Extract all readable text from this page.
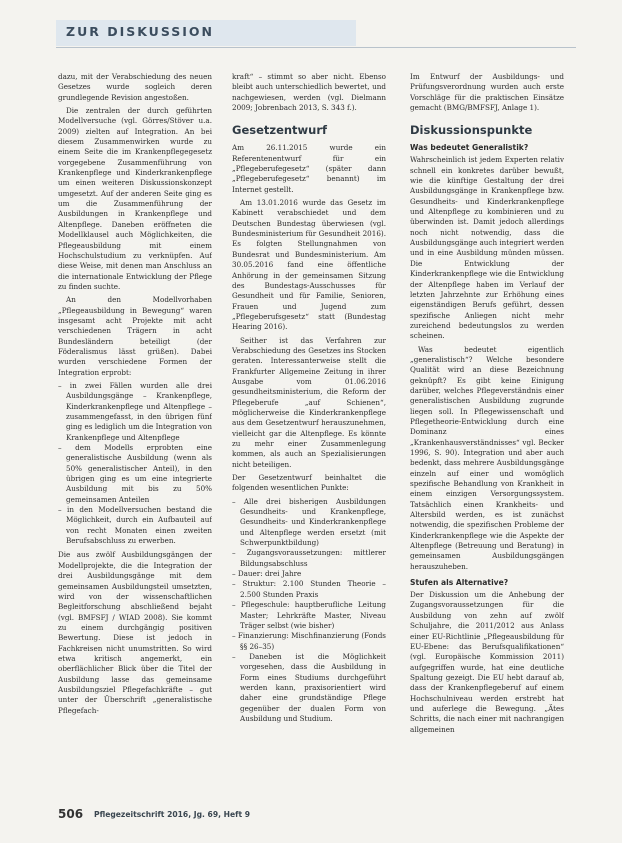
ZUR DISKUSSION

dazu, mit der Verabschiedung des neuen Gesetzes wurde sogleich deren grundlegende Revision angestoßen.

Die zentralen der durch geführten Modellversuche (vgl. Görres/Stöver u.a. 2009) zielten auf Integration. An bei diesem Zusammenwirken wurde zu einem Seite die im Krankenpflegegesetz vorgegebene Zusammenführung von Krankenpflege und Kinderkrankenpflege um einen weiteren Diskussionskonzept umgesetzt. Auf der anderen Seite ging es um die Zusammenführung der Ausbildungen in Krankenpflege und Altenpflege. Daneben eröffneten die Modellklausel auch Möglichkeiten, die Pflegeausbildung mit einem Hochschulstudium zu verknüpfen. Auf diese Weise, mit denen man Anschluss an die internationale Entwicklung der Pflege zu finden suchte.

An den Modellvorhaben „Pflegeausbildung in Bewegung“ waren insgesamt acht Projekte mit acht verschiedenen Trägern in acht Bundesländern beteiligt (der Föderalismus lässt grüßen). Dabei wurden verschiedene Formen der Integration erprobt:

– in zwei Fällen wurden alle drei Ausbildungsgänge – Krankenpflege, Kinderkrankenpflege und Altenpflege – zusammengefasst, in den übrigen fünf ging es lediglich um die Integration von Krankenpflege und Altenpflege
– dem Modells erprobten eine generalistische Ausbildung (wenn als 50% generalistischer Anteil), in den übrigen ging es um eine integrierte Ausbildung mit bis zu 50% gemeinsamen Anteilen
– in den Modellversuchen bestand die Möglichkeit, durch ein Aufbauteil auf von recht Monaten einen zweiten Berufsabschluss zu erwerben.

Die aus zwölf Ausbildungsgängen der Modellprojekte, die die Integration der drei Ausbildungsgänge mit dem gemeinsamen Ausbildungsteil umsetzten, wird von der wissenschaftlichen Begleitforschung abschließend bejaht (vgl. BMFSFJ / WIAD 2008). Sie kommt zu einem durchgängig positiven Bewertung. Diese ist jedoch in Fachkreisen nicht unumstritten. So wird etwa kritisch angemerkt, ein oberflächlicher Blick über die Titel der Ausbildung lasse das gemeinsame Ausbildungsziel Pflegefachkräfte – gut unter der Überschrift „generalistische Pflegefach-

kraft“ – stimmt so aber nicht. Ebenso bleibt auch unterschiedlich bewertet, und nachgewiesen, werden (vgl. Dielmann 2009; Jobrenbach 2013, S. 343 f.).

Gesetzentwurf

Am 26.11.2015 wurde ein Referentenentwurf für ein „Pflegeberufegesetz“ (später dann „Pflegeberufegesetz“ benannt) im Internet gestellt.

Am 13.01.2016 wurde das Gesetz im Kabinett verabschiedet und dem Deutschen Bundestag überwiesen (vgl. Bundesministerium für Gesundheit 2016). Es folgten Stellungnahmen von Bundesrat und Bundesministerium. Am 30.05.2016 fand eine öffentliche Anhörung in der gemeinsamen Sitzung des Bundestags-Ausschusses für Gesundheit und für Familie, Senioren, Frauen und Jugend zum „Pflegeberufsgesetz“ statt (Bundestag Hearing 2016).

Seither ist das Verfahren zur Verabschiedung des Gesetzes ins Stocken geraten. Interessanterweise stellt die Frankfurter Allgemeine Zeitung in ihrer Ausgabe vom 01.06.2016 gesundheitsministerium, die Reform der Pflegeberufe „auf Schienen“, möglicherweise die Kinderkrankenpflege aus dem Gesetzentwurf herauszunehmen, vielleicht gar die Altenpflege. Es könnte zu mehr einer Zusammenlegung kommen, als auch an Spezialisierungen nicht beteiligen.

Der Gesetzentwurf beinhaltet die folgenden wesentlichen Punkte:

– Alle drei bisherigen Ausbildungen Gesundheits- und Krankenpflege, Gesundheits- und Kinderkrankenpflege und Altenpflege werden ersetzt (mit Schwerpunktbildung)
– Zugangsvoraussetzungen: mittlerer Bildungsabschluss
– Dauer: drei Jahre
– Struktur: 2.100 Stunden Theorie – 2.500 Stunden Praxis
– Pflegeschule: hauptberufliche Leitung Master; Lehrkräfte Master, Niveau Träger selbst (wie bisher)
– Finanzierung: Mischfinanzierung (Fonds §§ 26–35)
– Daneben ist die Möglichkeit vorgesehen, dass die Ausbildung in Form eines Studiums durchgeführt werden kann, praxisorientiert wird daher eine grundständige Pflege gegenüber der dualen Form von Ausbildung und Studium.

Im Entwurf der Ausbildungs- und Prüfungsverordnung wurden auch erste Vorschläge für die praktischen Einsätze gemacht (BMG/BMFSFJ, Anlage 1).

Diskussionspunkte
Was bedeutet Generalistik?

Wahrscheinlich ist jedem Experten relativ schnell ein konkretes darüber bewußt, wie die künftige Gestaltung der drei Ausbildungsgänge in Krankenpflege bzw. Gesundheits- und Kinderkrankenpflege und Altenpflege zu kombinieren und zu überwinden ist. Damit jedoch allerdings noch nicht notwendig, dass die Ausbildungsgänge auch integriert werden und in eine Ausbildung münden müssen. Die Entwicklung der Kinderkrankenpflege wie die Entwicklung der Altenpflege haben im Verlauf der letzten Jahrzehnte zur Erhöhung eines eigenständigen Berufs geführt, dessen spezifische Anliegen nicht mehr zureichend bedeutungslos zu werden scheinen.

Was bedeutet eigentlich „generalistisch“? Welche besondere Qualität wird an diese Bezeichnung geknüpft? Es gibt keine Einigung darüber, welches Pflegeverständnis einer generalistischen Ausbildung zugrunde liegen soll. In Pflegewissenschaft und Pflegetheorie-Entwicklung durch eine Dominanz eines „Krankenhausverständnisses“ vgl. Becker 1996, S. 90). Integration und aber auch bedenkt, dass mehrere Ausbildungsgänge einzeln auf einer und womöglich spezifische Behandlung von Krankheit in einem einzigen Versorgungssystem. Tatsächlich einen Krankheits- und Altersbild werden, es ist zunächst notwendig, die spezifischen Probleme der Kinderkrankenpflege wie die Aspekte der Altenpflege (Betreuung und Beratung) in gemeinsamen Ausbildungsgängen herauszuheben.

Stufen als Alternative?

Der Diskussion um die Anhebung der Zugangsvoraussetzungen für die Ausbildung von zehn auf zwölf Schuljahre, die 2011/2012 aus Anlass einer EU-Richtlinie „Pflegeausbildung für EU-Ebene: das Berufsqualifikationen“ (vgl. Europäische Kommission 2011) aufgegriffen wurde, hat eine deutliche Spaltung gezeigt. Die EU hebt darauf ab, dass der Krankenpflegeberuf auf einem Hochschulniveau werden erstrebt hat und auferlege die Bewegung. „Ätes Schritts, die nach einer mit nachrangigen allgemeinen

506 Pflegezeitschrift 2016, Jg. 69, Heft 9
